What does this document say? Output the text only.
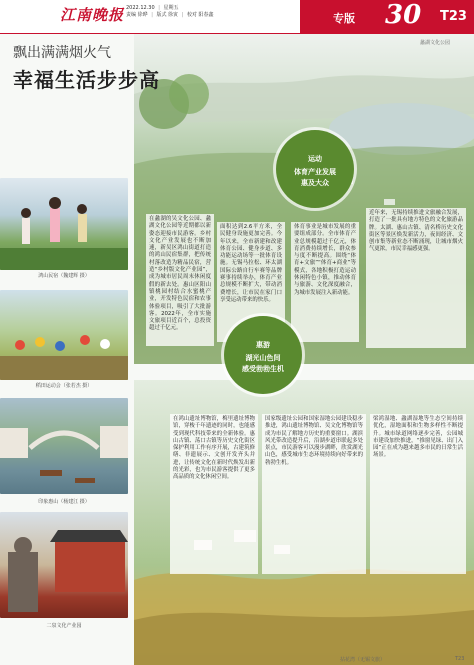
江南晚报 2022.12.30 | 星期五
责编 徐晔 | 版式 徐寅 | 校对 阳春鑫	专版 30 T23
蠡湖文化公园
飘出满满烟火气
幸福生活步步高
鸿山民宿（魏建辉 摄）
稻田运动会（张若杰 摄）
印象惠山（杨建江 摄）
二泉文化产业园
在蠡湖的吴文化公园、蠡湖文化公园等近期都以新姿态迎接市民游客。乡村文化产业发展也不断加速，新吴区鸿山街道打造的鸿山民宿集群，把传统村落改造为精品民宿，营造“乡村版文化产业园”，成为城市居民周末休闲度假的新去处。惠山区阳山镇桃园村结合水蜜桃产业，开发特色民宿和农事体验项目，吸引了大批游客。2022年，全市实施文旅项目近百个，总投资超过千亿元。
面积达到2.6平方米，全民健身设施更加完善。今年以来，全市新建和改建体育公园、健身步道、多功能运动场等一批体育设施。无锡马拉松、环太湖国际公路自行车赛等品牌赛事持续举办，体育产业总规模不断扩大，带动消费增长，让市民在家门口享受运动带来的快乐。
体育事业是城市发展的重要组成部分。全市体育产业总规模超过千亿元，体育消费持续增长，群众参与度不断提高。围绕“体育+文旅”“体育+商业”等模式，各地积极打造运动休闲特色小镇，推动体育与旅游、文化深度融合，为城市发展注入新动能。
近年来，无锡持续推进文旅融合发展，打造了一批具有地方特色的文化旅游品牌。太湖、惠山古镇、清名桥历史文化街区等景区焕发新活力，夜间经济、文创市集等新业态不断涌现，让城市烟火气更浓，市民幸福感更强。
运动
体育产业发展
惠及大众
惠游
湖光山色间
感受勃勃生机
在鸿山遗址博物馆，梅里遗址博物馆，穿梭千年遗迹的同时，也能感受到现代科技带来的全新体验。惠山古镇、荡口古镇等历史文化街区保护利用工作有序开展，古建筑修缮、非遗展示、文创开发齐头并进，让传统文化在新时代焕发出新的光彩，也为市民游客提供了更多高品质的文化休闲空间。
国家级遗址公园和国家湿地公园建设稳步推进，鸿山遗址博物馆、吴文化博物馆等成为市民了解地方历史的重要窗口。湖滨风光带改造提升后，沿湖步道串联起多处景点，市民游客可以漫步湖畔，欣赏湖光山色，感受城市生态环境持续向好带来的勃勃生机。
梁鸿湿地、蠡湖湿地等生态空间持续优化，湿地面积和生物多样性不断提升。城市绿道网络逐步完善，公园城市建设加快推进，“推窗见绿、出门入园”正在成为越来越多市民的日常生活场景。
拈花湾（无锡文旅）	T23
